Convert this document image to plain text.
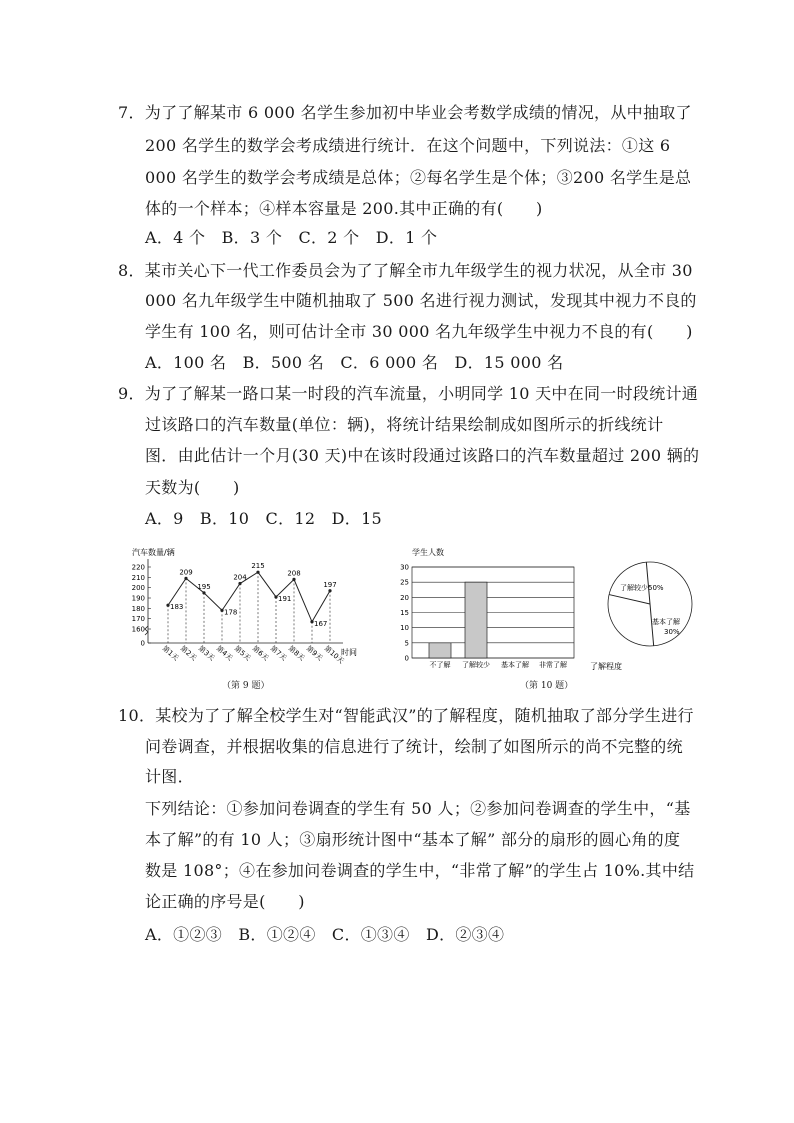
7．为了了解某市 6 000 名学生参加初中毕业会考数学成绩的情况，从中抽取了
200 名学生的数学会考成绩进行统计．在这个问题中，下列说法：①这 6
000 名学生的数学会考成绩是总体；②每名学生是个体；③200 名学生是总
体的一个样本；④样本容量是 200.其中正确的有(　　)
A．4 个　B．3 个　C．2 个　D．1 个
8．某市关心下一代工作委员会为了了解全市九年级学生的视力状况，从全市 30
000 名九年级学生中随机抽取了 500 名进行视力测试，发现其中视力不良的
学生有 100 名，则可估计全市 30 000 名九年级学生中视力不良的有(　　)
A．100 名　B．500 名　C．6 000 名　D．15 000 名
9．为了了解某一路口某一时段的汽车流量，小明同学 10 天中在同一时段统计通
过该路口的汽车数量(单位：辆)，将统计结果绘制成如图所示的折线统计
图．由此估计一个月(30 天)中在该时段通过该路口的汽车数量超过 200 辆的
天数为(　　)
A．9　B．10　C．12　D．15
汽车数量/辆
0
160
170
180
190
200
210
220
183
第1天
209
第2天
195
第3天
178
第4天
204
第5天
215
第6天
191
第7天
208
第8天
167
第9天
197
第10天
时间
（第 9 题）
学生人数
0
5
10
15
20
25
30
不了解 了解较少 基本了解 非常了解	了解程度
了解较少50%
基本了解
30%
（第 10 题）
10．某校为了了解全校学生对“智能武汉”的了解程度，随机抽取了部分学生进行
问卷调查，并根据收集的信息进行了统计，绘制了如图所示的尚不完整的统
计图．
下列结论：①参加问卷调查的学生有 50 人；②参加问卷调查的学生中，“基
本了解”的有 10 人；③扇形统计图中“基本了解” 部分的扇形的圆心角的度
数是 108°；④在参加问卷调查的学生中，“非常了解”的学生占 10%.其中结
论正确的序号是(　　)
A．①②③　B．①②④　C．①③④　D．②③④
